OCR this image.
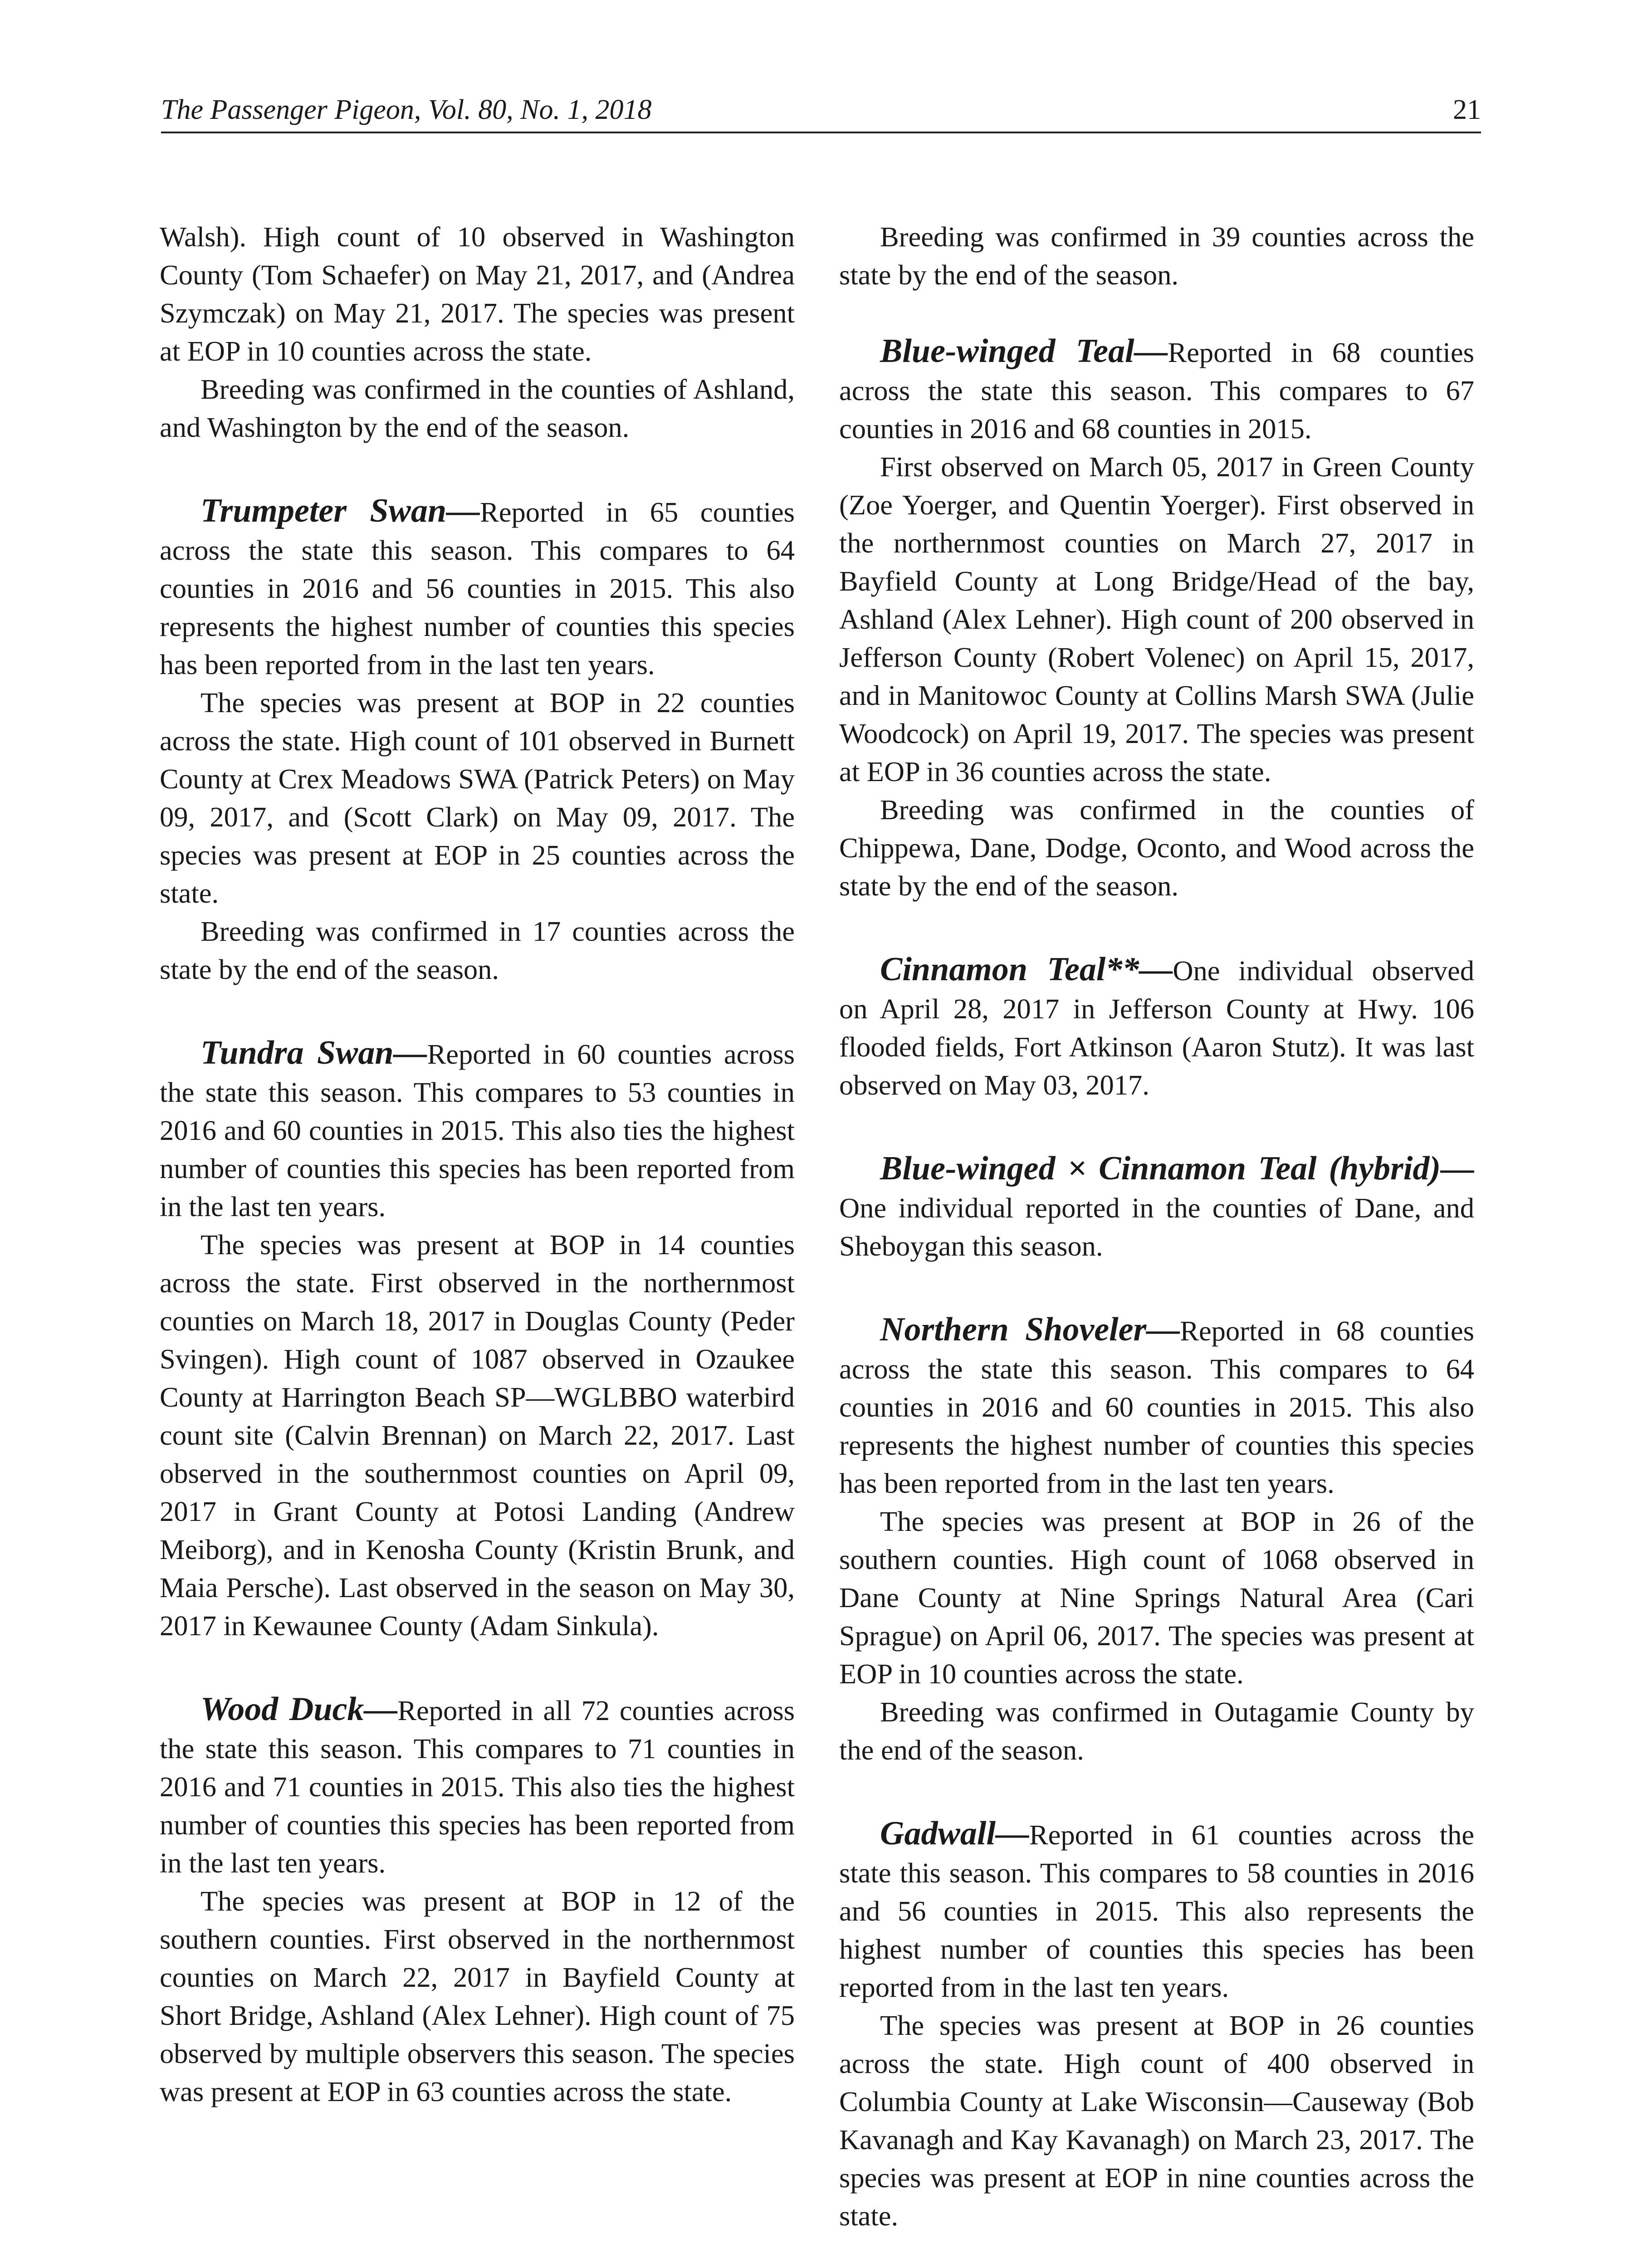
The Passenger Pigeon, Vol. 80, No. 1, 2018	21

Walsh). High count of 10 observed in Washington County (Tom Schaefer) on May 21, 2017, and (Andrea Szymczak) on May 21, 2017. The species was present at EOP in 10 counties across the state.

Breeding was confirmed in the counties of Ashland, and Washington by the end of the season.

Trumpeter Swan—Reported in 65 counties across the state this season. This compares to 64 counties in 2016 and 56 counties in 2015. This also represents the highest number of counties this species has been reported from in the last ten years.

The species was present at BOP in 22 counties across the state. High count of 101 observed in Burnett County at Crex Meadows SWA (Patrick Peters) on May 09, 2017, and (Scott Clark) on May 09, 2017. The species was present at EOP in 25 counties across the state.

Breeding was confirmed in 17 counties across the state by the end of the season.

Tundra Swan—Reported in 60 counties across the state this season. This compares to 53 counties in 2016 and 60 counties in 2015. This also ties the highest number of counties this species has been reported from in the last ten years.

The species was present at BOP in 14 counties across the state. First observed in the northernmost counties on March 18, 2017 in Douglas County (Peder Svingen). High count of 1087 observed in Ozaukee County at Harrington Beach SP—WGLBBO waterbird count site (Calvin Brennan) on March 22, 2017. Last observed in the southernmost counties on April 09, 2017 in Grant County at Potosi Landing (Andrew Meiborg), and in Kenosha County (Kristin Brunk, and Maia Persche). Last observed in the season on May 30, 2017 in Kewaunee County (Adam Sinkula).

Wood Duck—Reported in all 72 counties across the state this season. This compares to 71 counties in 2016 and 71 counties in 2015. This also ties the highest number of counties this species has been reported from in the last ten years.

The species was present at BOP in 12 of the southern counties. First observed in the northernmost counties on March 22, 2017 in Bayfield County at Short Bridge, Ashland (Alex Lehner). High count of 75 observed by multiple observers this season. The species was present at EOP in 63 counties across the state.

Breeding was confirmed in 39 counties across the state by the end of the season.

Blue-winged Teal—Reported in 68 counties across the state this season. This compares to 67 counties in 2016 and 68 counties in 2015.

First observed on March 05, 2017 in Green County (Zoe Yoerger, and Quentin Yoerger). First observed in the northernmost counties on March 27, 2017 in Bayfield County at Long Bridge/Head of the bay, Ashland (Alex Lehner). High count of 200 observed in Jefferson County (Robert Volenec) on April 15, 2017, and in Manitowoc County at Collins Marsh SWA (Julie Woodcock) on April 19, 2017. The species was present at EOP in 36 counties across the state.

Breeding was confirmed in the counties of Chippewa, Dane, Dodge, Oconto, and Wood across the state by the end of the season.

Cinnamon Teal**—One individual observed on April 28, 2017 in Jefferson County at Hwy. 106 flooded fields, Fort Atkinson (Aaron Stutz). It was last observed on May 03, 2017.

Blue-winged × Cinnamon Teal (hybrid)—One individual reported in the counties of Dane, and Sheboygan this season.

Northern Shoveler—Reported in 68 counties across the state this season. This compares to 64 counties in 2016 and 60 counties in 2015. This also represents the highest number of counties this species has been reported from in the last ten years.

The species was present at BOP in 26 of the southern counties. High count of 1068 observed in Dane County at Nine Springs Natural Area (Cari Sprague) on April 06, 2017. The species was present at EOP in 10 counties across the state.

Breeding was confirmed in Outagamie County by the end of the season.

Gadwall—Reported in 61 counties across the state this season. This compares to 58 counties in 2016 and 56 counties in 2015. This also represents the highest number of counties this species has been reported from in the last ten years.

The species was present at BOP in 26 counties across the state. High count of 400 observed in Columbia County at Lake Wisconsin—Causeway (Bob Kavanagh and Kay Kavanagh) on March 23, 2017. The species was present at EOP in nine counties across the state.
